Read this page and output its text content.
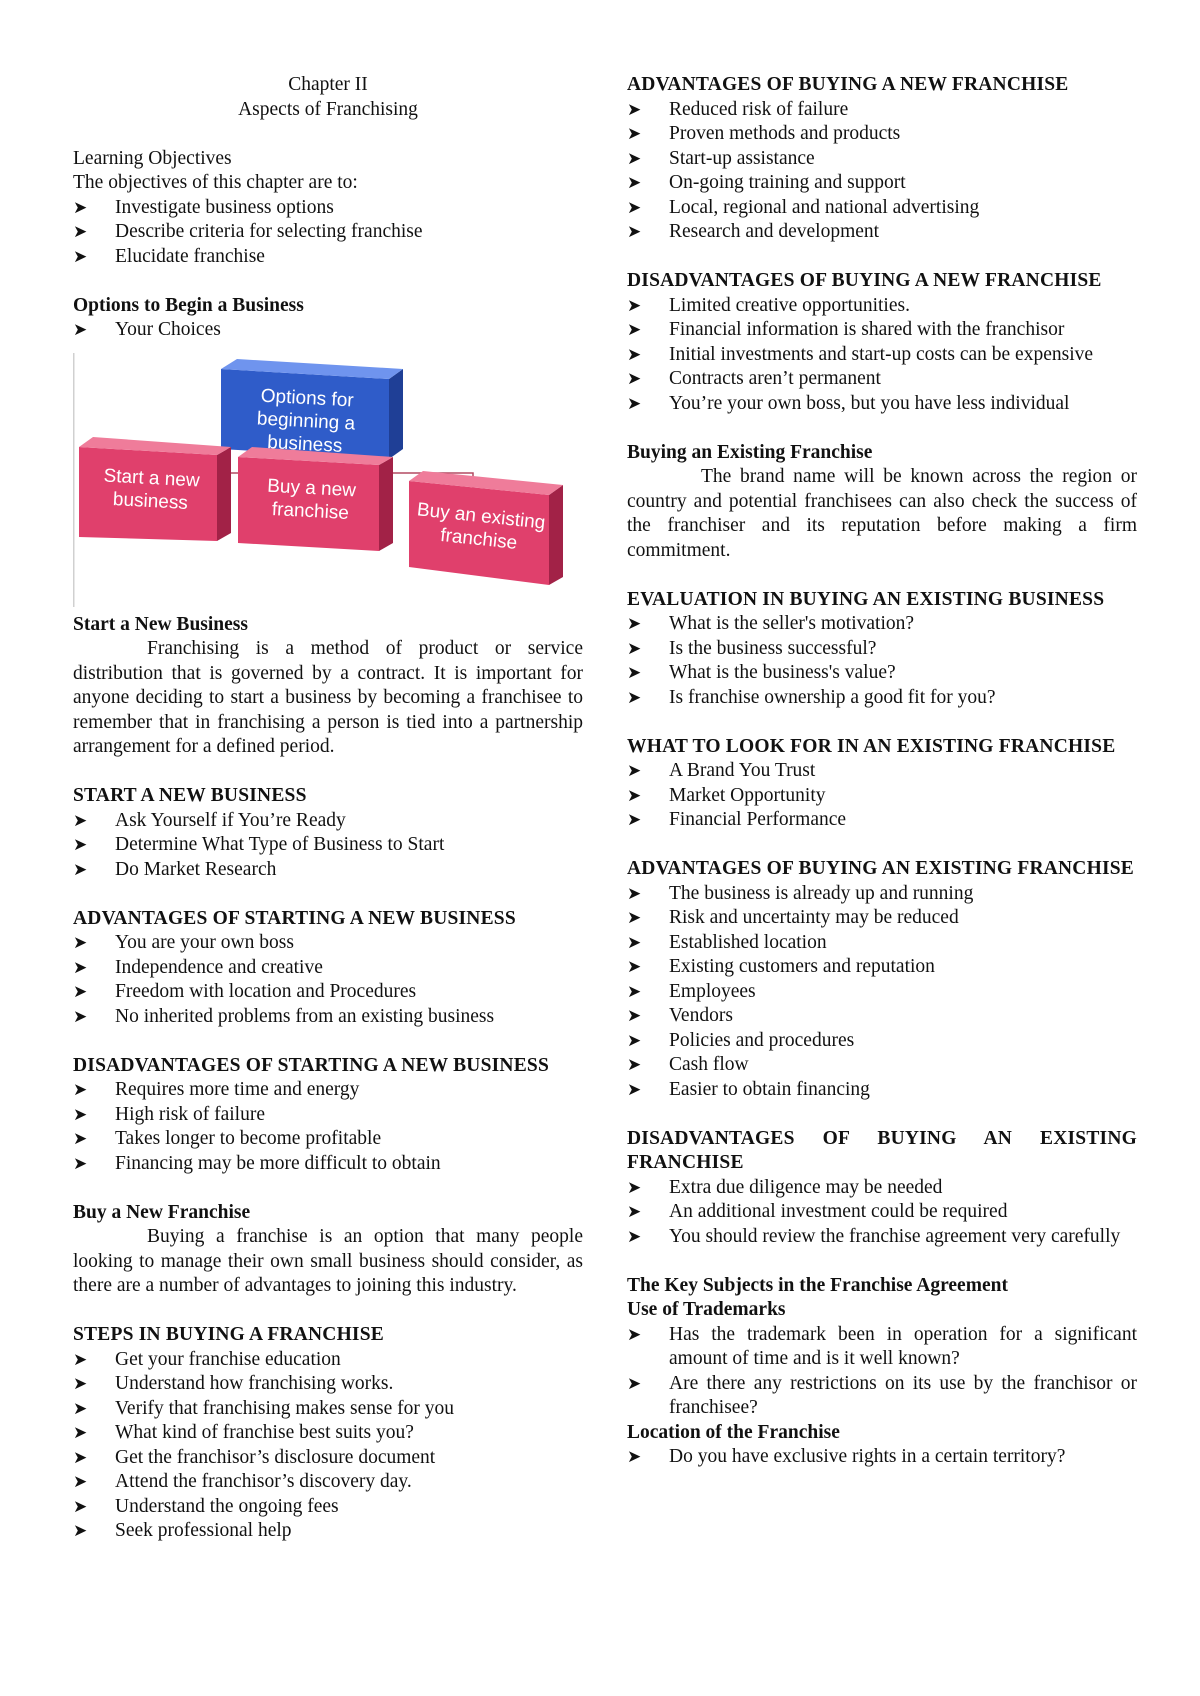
Chapter II
Aspects of Franchising
Learning Objectives
The objectives of this chapter are to:
➤ Investigate business options
➤ Describe criteria for selecting franchise
➤ Elucidate franchise
Options to Begin a Business
➤ Your Choices
Options for beginning a business
Start a new business
Buy a new franchise	Buy an existing franchise
Start a New Business
Franchising is a method of product or service distribution that is governed by a contract. It is important for anyone deciding to start a business by becoming a franchisee to remember that in franchising a person is tied into a partnership arrangement for a defined period.
START A NEW BUSINESS
➤ Ask Yourself if You’re Ready
➤ Determine What Type of Business to Start
➤ Do Market Research
ADVANTAGES OF STARTING A NEW BUSINESS
➤ You are your own boss
➤ Independence and creative
➤ Freedom with location and Procedures
➤ No inherited problems from an existing business
DISADVANTAGES OF STARTING A NEW BUSINESS
➤ Requires more time and energy
➤ High risk of failure
➤ Takes longer to become profitable
➤ Financing may be more difficult to obtain
Buy a New Franchise
Buying a franchise is an option that many people looking to manage their own small business should consider, as there are a number of advantages to joining this industry.
STEPS IN BUYING A FRANCHISE
➤ Get your franchise education
➤ Understand how franchising works.
➤ Verify that franchising makes sense for you
➤ What kind of franchise best suits you?
➤ Get the franchisor’s disclosure document
➤ Attend the franchisor’s discovery day.
➤ Understand the ongoing fees
➤ Seek professional help
ADVANTAGES OF BUYING A NEW FRANCHISE
➤ Reduced risk of failure
➤ Proven methods and products
➤ Start-up assistance
➤ On-going training and support
➤ Local, regional and national advertising
➤ Research and development
DISADVANTAGES OF BUYING A NEW FRANCHISE
➤ Limited creative opportunities.
➤ Financial information is shared with the franchisor
➤ Initial investments and start-up costs can be expensive
➤ Contracts aren’t permanent
➤ You’re your own boss, but you have less individual
Buying an Existing Franchise
The brand name will be known across the region or country and potential franchisees can also check the success of the franchiser and its reputation before making a firm commitment.
EVALUATION IN BUYING AN EXISTING BUSINESS
➤ What is the seller's motivation?
➤ Is the business successful?
➤ What is the business's value?
➤ Is franchise ownership a good fit for you?
WHAT TO LOOK FOR IN AN EXISTING FRANCHISE
➤ A Brand You Trust
➤ Market Opportunity
➤ Financial Performance
ADVANTAGES OF BUYING AN EXISTING FRANCHISE
➤ The business is already up and running
➤ Risk and uncertainty may be reduced
➤ Established location
➤ Existing customers and reputation
➤ Employees
➤ Vendors
➤ Policies and procedures
➤ Cash flow
➤ Easier to obtain financing
DISADVANTAGES OF BUYING AN EXISTING FRANCHISE
➤ Extra due diligence may be needed
➤ An additional investment could be required
➤ You should review the franchise agreement very carefully
The Key Subjects in the Franchise Agreement
Use of Trademarks
➤ Has the trademark been in operation for a significant amount of time and is it well known?
➤ Are there any restrictions on its use by the franchisor or franchisee?
Location of the Franchise
➤ Do you have exclusive rights in a certain territory?
